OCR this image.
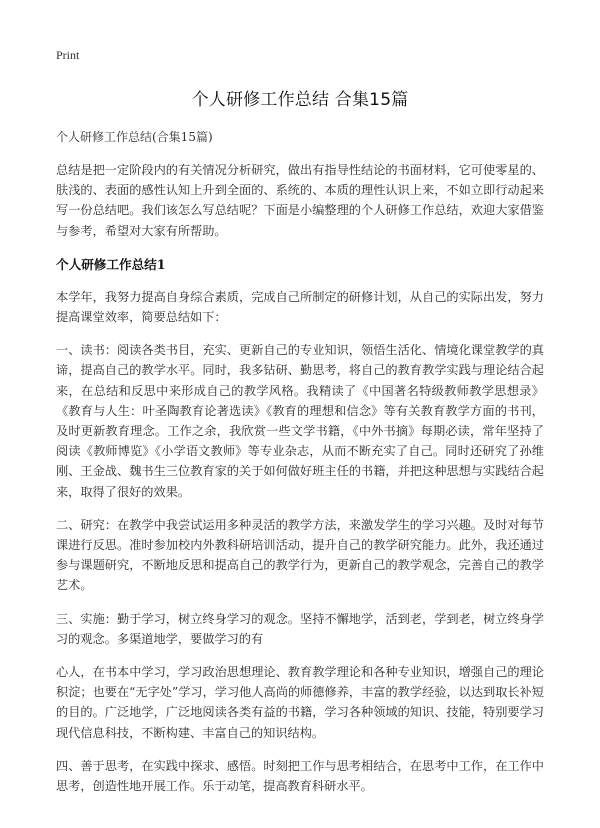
Print
个人研修工作总结 合集15篇
个人研修工作总结(合集15篇)

总结是把一定阶段内的有关情况分析研究，做出有指导性结论的书面材料，它可使零星的、肤浅的、表面的感性认知上升到全面的、系统的、本质的理性认识上来，不如立即行动起来写一份总结吧。我们该怎么写总结呢？下面是小编整理的个人研修工作总结，欢迎大家借鉴与参考，希望对大家有所帮助。

个人研修工作总结1

本学年，我努力提高自身综合素质，完成自己所制定的研修计划，从自己的实际出发，努力提高课堂效率，简要总结如下：

一、读书：阅读各类书目，充实、更新自己的专业知识，领悟生活化、情境化课堂教学的真谛，提高自己的教学水平。同时，我多钻研、勤思考，将自己的教育教学实践与理论结合起来，在总结和反思中来形成自己的教学风格。我精读了《中国著名特级教师教学思想录》《教育与人生：叶圣陶教育论著选读》《教育的理想和信念》等有关教育教学方面的书刊，及时更新教育理念。工作之余，我欣赏一些文学书籍，《中外书摘》每期必读，常年坚持了阅读《教师博览》《小学语文教师》等专业杂志，从而不断充实了自己。同时还研究了孙维刚、王金战、魏书生三位教育家的关于如何做好班主任的书籍，并把这种思想与实践结合起来，取得了很好的效果。

二、研究：在教学中我尝试运用多种灵活的教学方法，来激发学生的学习兴趣。及时对每节课进行反思。准时参加校内外教科研培训活动，提升自己的教学研究能力。此外，我还通过参与课题研究，不断地反思和提高自己的教学行为，更新自己的教学观念，完善自己的教学艺术。

三、实施：勤于学习，树立终身学习的观念。坚持不懈地学，活到老，学到老，树立终身学习的观念。多渠道地学，要做学习的有

心人，在书本中学习，学习政治思想理论、教育教学理论和各种专业知识，增强自己的理论积淀；也要在“无字处”学习，学习他人高尚的师德修养，丰富的教学经验，以达到取长补短的目的。广泛地学，广泛地阅读各类有益的书籍，学习各种领域的知识、技能，特别要学习现代信息科技，不断构建、丰富自己的知识结构。

四、善于思考，在实践中探求、感悟。时刻把工作与思考相结合，在思考中工作，在工作中思考，创造性地开展工作。乐于动笔，提高教育科研水平。
